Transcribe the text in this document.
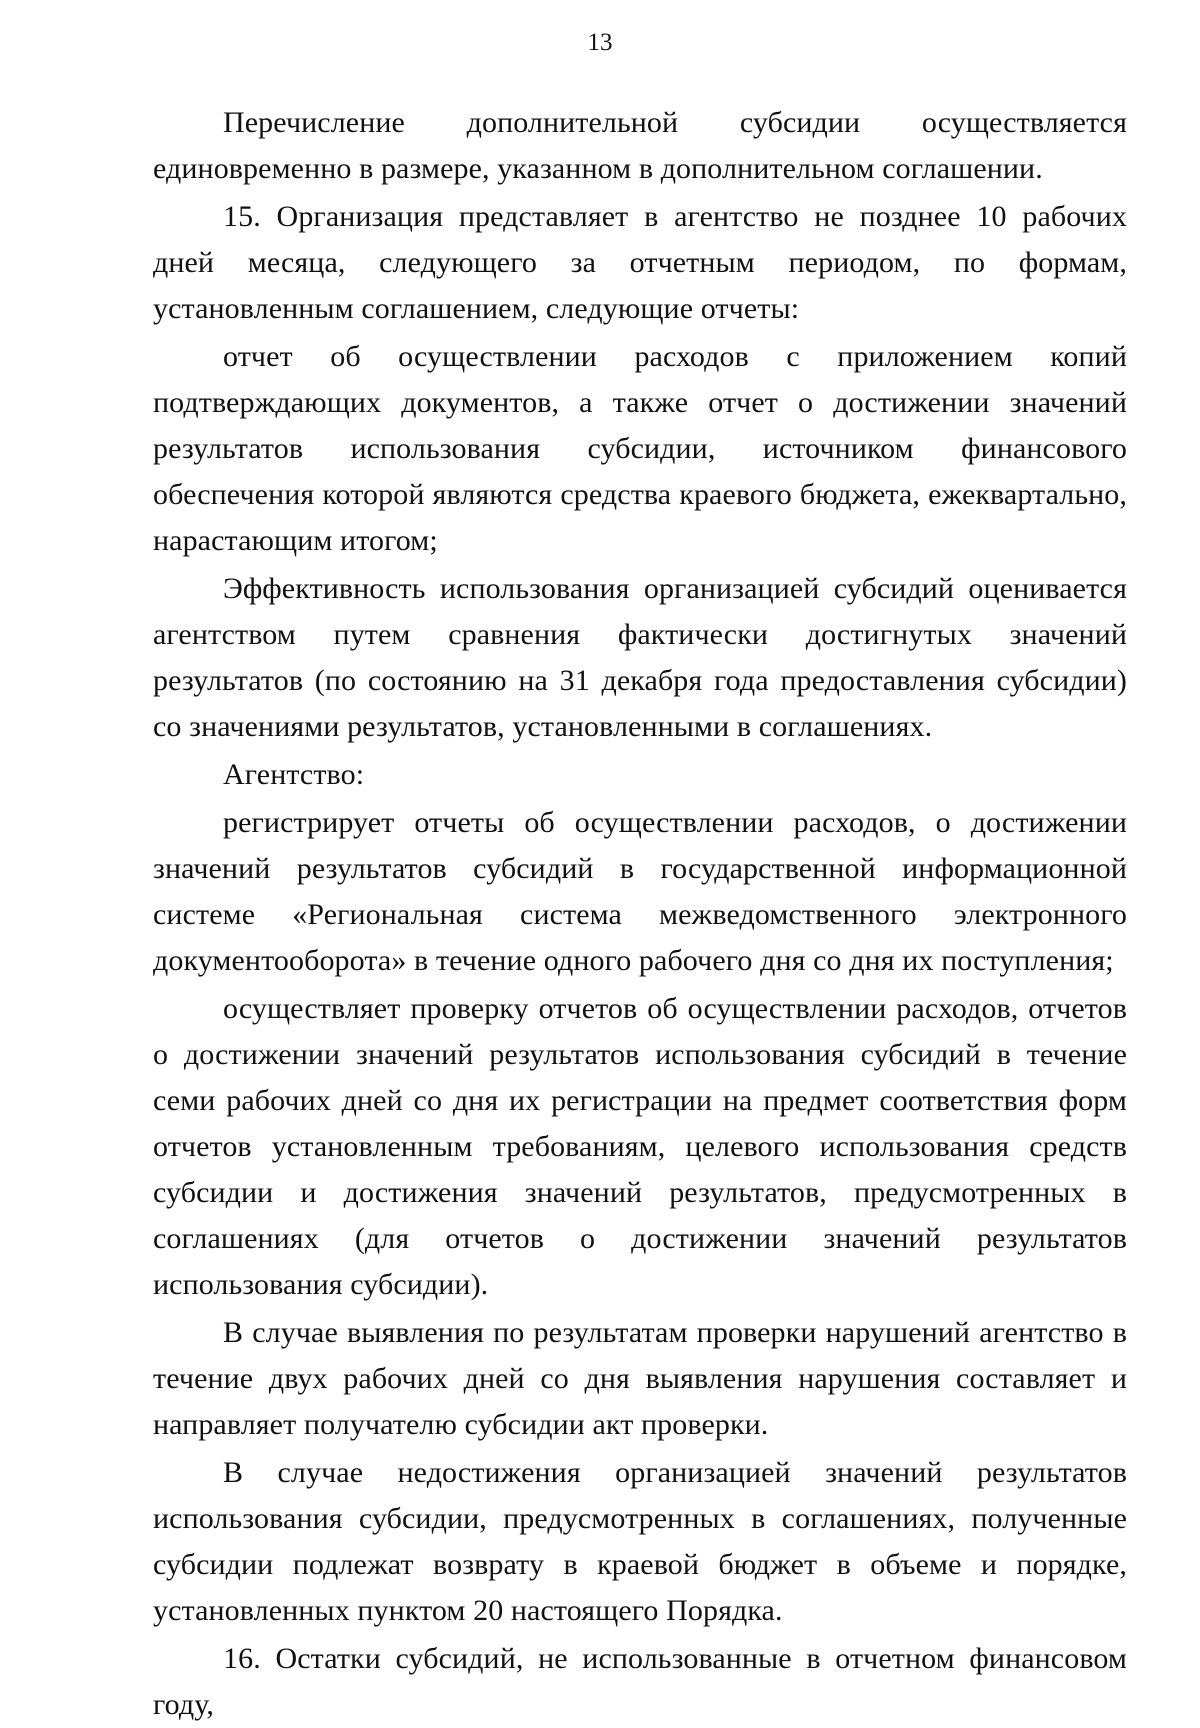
13

Перечисление дополнительной субсидии осуществляется единовременно в размере, указанном в дополнительном соглашении.

15. Организация представляет в агентство не позднее 10 рабочих дней месяца, следующего за отчетным периодом, по формам, установленным соглашением, следующие отчеты:

отчет об осуществлении расходов с приложением копий подтверждающих документов, а также отчет о достижении значений результатов использования субсидии, источником финансового обеспечения которой являются средства краевого бюджета, ежеквартально, нарастающим итогом;

Эффективность использования организацией субсидий оценивается агентством путем сравнения фактически достигнутых значений результатов (по состоянию на 31 декабря года предоставления субсидии) со значениями результатов, установленными в соглашениях.

Агентство:

регистрирует отчеты об осуществлении расходов, о достижении значений результатов субсидий в государственной информационной системе «Региональная система межведомственного электронного документооборота» в течение одного рабочего дня со дня их поступления;

осуществляет проверку отчетов об осуществлении расходов, отчетов о достижении значений результатов использования субсидий в течение семи рабочих дней со дня их регистрации на предмет соответствия форм отчетов установленным требованиям, целевого использования средств субсидии и достижения значений результатов, предусмотренных в соглашениях (для отчетов о достижении значений результатов использования субсидии).

В случае выявления по результатам проверки нарушений агентство в течение двух рабочих дней со дня выявления нарушения составляет и направляет получателю субсидии акт проверки.

В случае недостижения организацией значений результатов использования субсидии, предусмотренных в соглашениях, полученные субсидии подлежат возврату в краевой бюджет в объеме и порядке, установленных пунктом 20 настоящего Порядка.

16. Остатки субсидий, не использованные в отчетном финансовом году,
